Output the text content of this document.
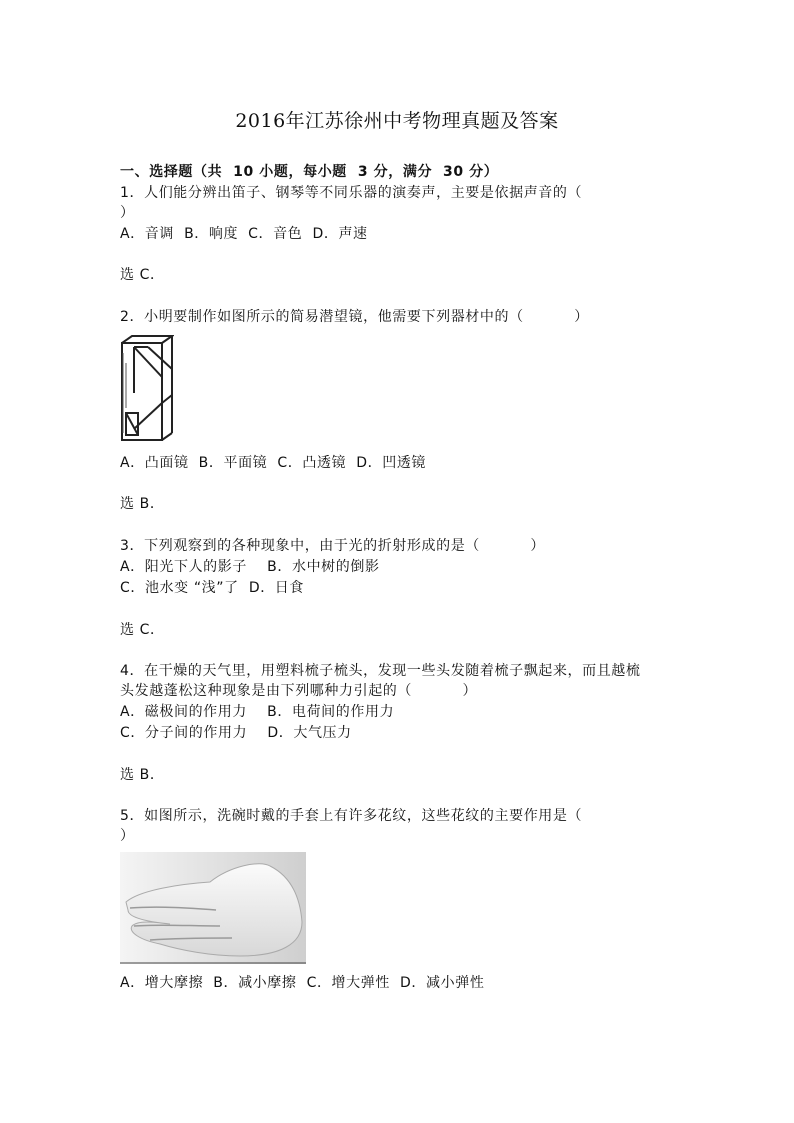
2016年江苏徐州中考物理真题及答案
一、选择题（共  10 小题，每小题  3 分，满分  30 分）
1．人们能分辨出笛子、钢琴等不同乐器的演奏声，主要是依据声音的（
）
A．音调  B．响度  C．音色  D．声速
选 C．
2．小明要制作如图所示的简易潜望镜，他需要下列器材中的（          ）
A．凸面镜  B．平面镜  C．凸透镜  D．凹透镜
选 B．
3．下列观察到的各种现象中，由于光的折射形成的是（          ）
A．阳光下人的影子    B．水中树的倒影
C．池水变 “浅”了  D．日食
选 C．
4．在干燥的天气里，用塑料梳子梳头，发现一些头发随着梳子飘起来，而且越梳
头发越蓬松这种现象是由下列哪种力引起的（          ）
A．磁极间的作用力    B．电荷间的作用力
C．分子间的作用力    D．大气压力
选 B．
5．如图所示，洗碗时戴的手套上有许多花纹，这些花纹的主要作用是（
）
A．增大摩擦  B．减小摩擦  C．增大弹性  D．减小弹性
